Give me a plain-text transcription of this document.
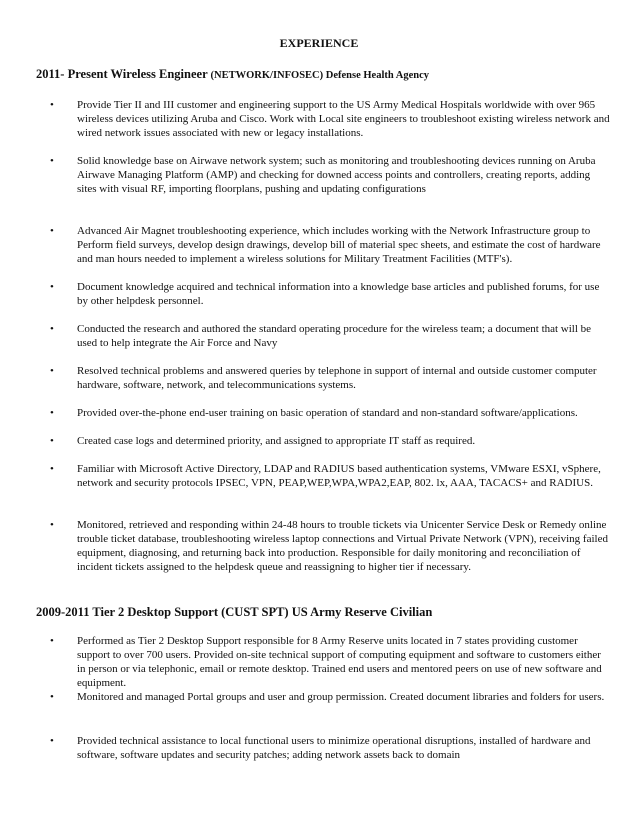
EXPERIENCE
2011- Present Wireless Engineer (NETWORK/INFOSEC) Defense Health Agency
• Provide Tier II and III customer and engineering support to the US Army Medical Hospitals worldwide with over 965 wireless devices utilizing Aruba and Cisco. Work with Local site engineers to troubleshoot existing wireless network and wired network issues associated with new or legacy installations.
• Solid knowledge base on Airwave network system; such as monitoring and troubleshooting devices running on Aruba Airwave Managing Platform (AMP) and checking for downed access points and controllers, creating reports, adding sites with visual RF, importing floorplans, pushing and updating configurations
• Advanced Air Magnet troubleshooting experience, which includes working with the Network Infrastructure group to Perform field surveys, develop design drawings, develop bill of material spec sheets, and estimate the cost of hardware and man hours needed to implement a wireless solutions for Military Treatment Facilities (MTF's).
• Document knowledge acquired and technical information into a knowledge base articles and published forums, for use by other helpdesk personnel.
• Conducted the research and authored the standard operating procedure for the wireless team; a document that will be used to help integrate the Air Force and Navy
• Resolved technical problems and answered queries by telephone in support of internal and outside customer computer hardware, software, network, and telecommunications systems.
• Provided over-the-phone end-user training on basic operation of standard and non-standard software/applications.
• Created case logs and determined priority, and assigned to appropriate IT staff as required.
• Familiar with Microsoft Active Directory, LDAP and RADIUS based authentication systems, VMware ESXI, vSphere, network and security protocols IPSEC, VPN, PEAP,WEP,WPA,WPA2,EAP, 802. lx, AAA, TACACS+ and RADIUS.
• Monitored, retrieved and responding within 24-48 hours to trouble tickets via Unicenter Service Desk or Remedy online trouble ticket database, troubleshooting wireless laptop connections and Virtual Private Network (VPN), receiving failed equipment, diagnosing, and returning back into production. Responsible for daily monitoring and reconciliation of incident tickets assigned to the helpdesk queue and reassigning to higher tier if necessary.
2009-2011 Tier 2 Desktop Support (CUST SPT) US Army Reserve Civilian
• Performed as Tier 2 Desktop Support responsible for 8 Army Reserve units located in 7 states providing customer support to over 700 users. Provided on-site technical support of computing equipment and software to customers either in person or via telephonic, email or remote desktop. Trained end users and mentored peers on use of new software and equipment.
• Monitored and managed Portal groups and user and group permission. Created document libraries and folders for users.
• Provided technical assistance to local functional users to minimize operational disruptions, installed of hardware and software, software updates and security patches; adding network assets back to domain
